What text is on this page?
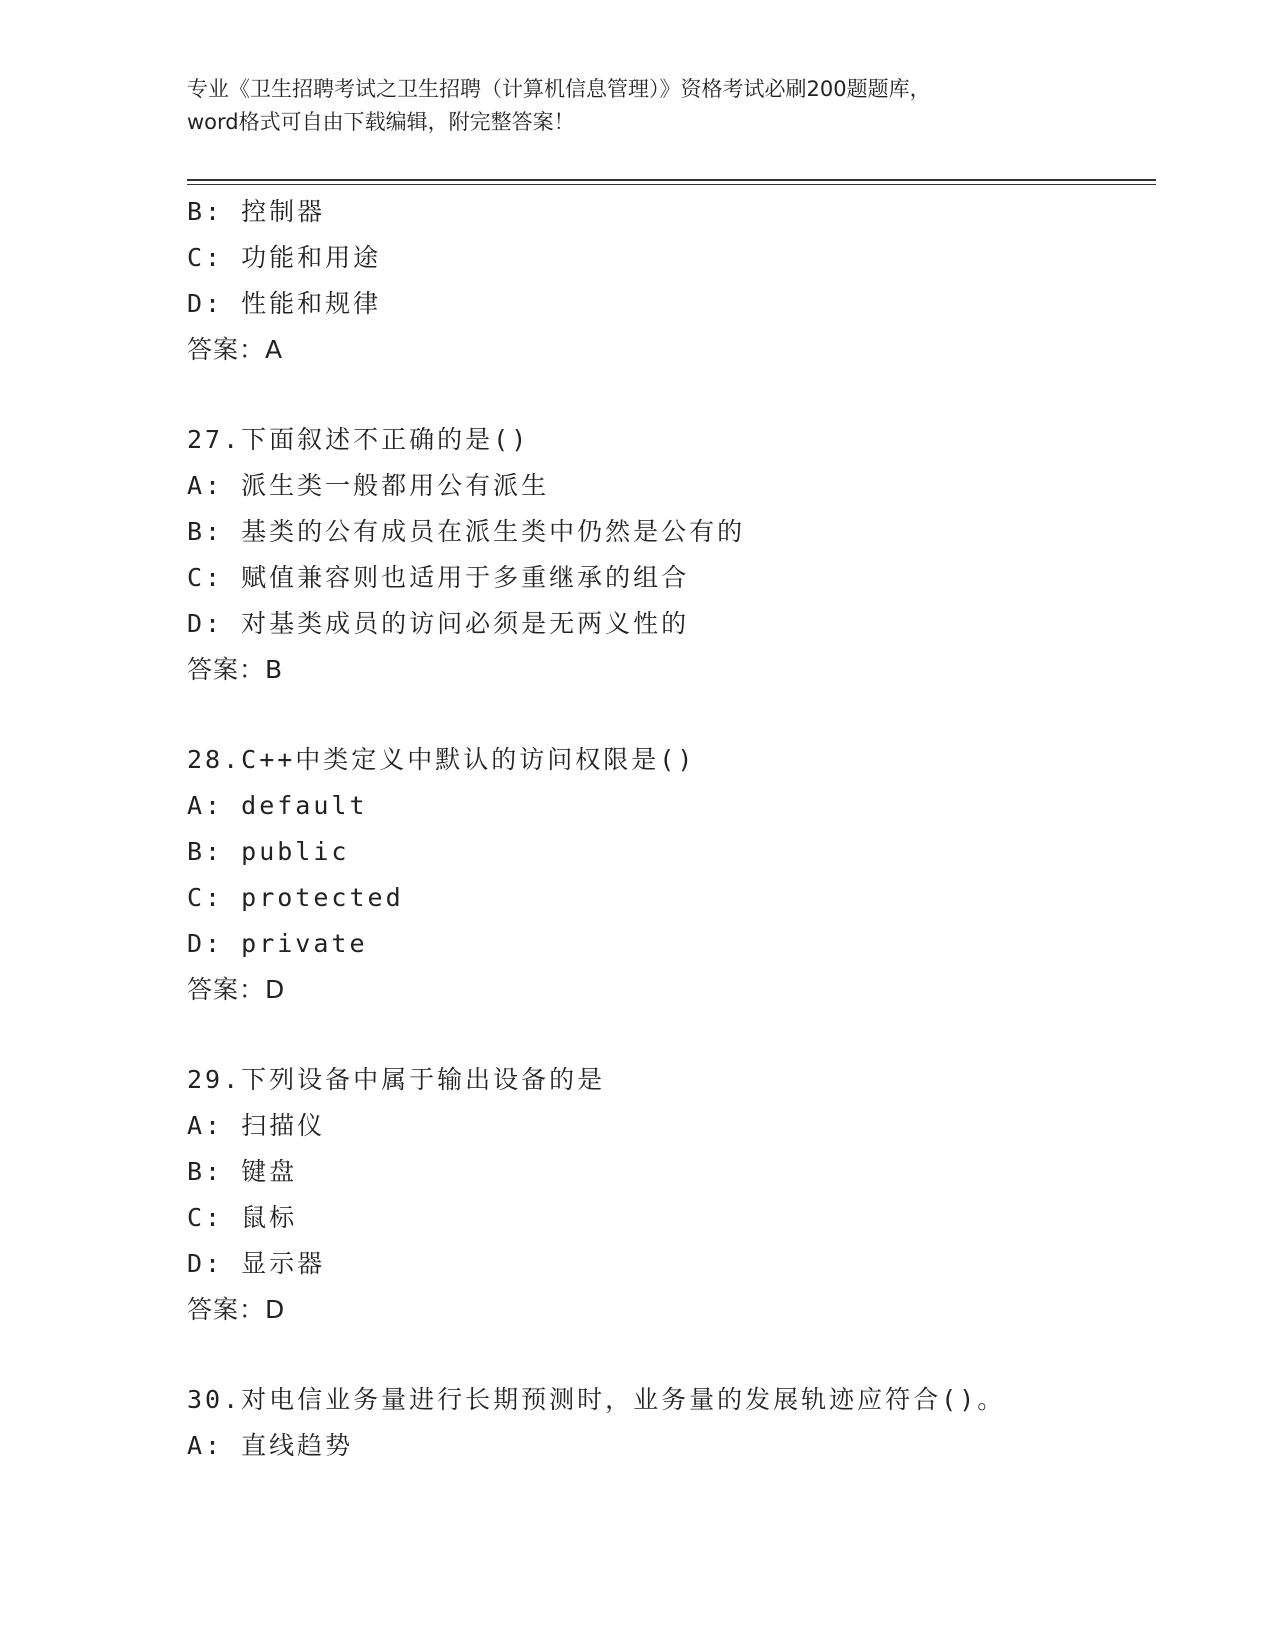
专业《卫生招聘考试之卫生招聘（计算机信息管理）》资格考试必刷200题题库，
word格式可自由下载编辑，附完整答案！
B: 控制器
C: 功能和用途
D: 性能和规律
答案：A
27.下面叙述不正确的是()
A: 派生类一般都用公有派生
B: 基类的公有成员在派生类中仍然是公有的
C: 赋值兼容则也适用于多重继承的组合
D: 对基类成员的访问必须是无两义性的
答案：B
28.C++中类定义中默认的访问权限是()
A: default
B: public
C: protected
D: private
答案：D
29.下列设备中属于输出设备的是
A: 扫描仪
B: 键盘
C: 鼠标
D: 显示器
答案：D
30.对电信业务量进行长期预测时，业务量的发展轨迹应符合()。
A: 直线趋势
